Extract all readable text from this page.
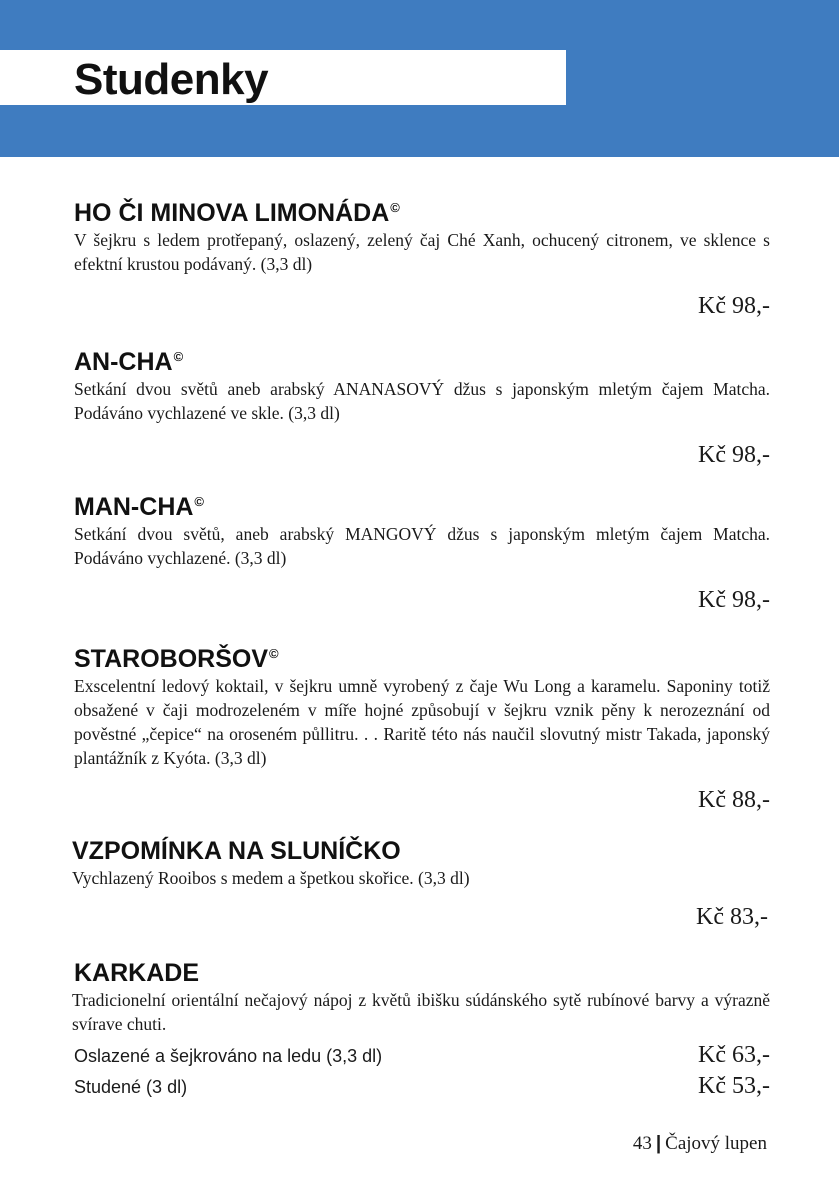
Studenky
HO ČI MINOVA LIMONÁDA©

V šejkru s ledem protřepaný, oslazený, zelený čaj Ché Xanh, ochucený citronem, ve sklence s efektní krustou podávaný. (3,3 dl)

Kč 98,-
AN-CHA©

Setkání dvou světů aneb arabský ANANASOVÝ džus s japonským mletým čajem Matcha. Podáváno vychlazené ve skle. (3,3 dl)

Kč 98,-
MAN-CHA©

Setkání dvou světů, aneb arabský MANGOVÝ džus s japonským mletým čajem Matcha. Podáváno vychlazené. (3,3 dl)

Kč 98,-
STAROBORŠOV©

Exscelentní ledový koktail, v šejkru umně vyrobený z čaje Wu Long a karamelu. Saponiny totiž obsažené v čaji modrozeleném v míře hojné způsobují v šejkru vznik pěny k nerozeznání od pověstné „čepice“ na oroseném půllitru. . . Raritě této nás naučil slovutný mistr Takada, japonský plantážník z Kyóta. (3,3 dl)

Kč 88,-
VZPOMÍNKA NA SLUNÍČKO

Vychlazený Rooibos s medem a špetkou skořice. (3,3 dl)

Kč 83,-
KARKADE

Tradicionelní orientální nečajový nápoj z květů ibišku súdánského sytě rubínové barvy a výrazně svírave chuti.

Oslazené a šejkrováno na ledu (3,3 dl)	Kč 63,-
Studené (3 dl)	Kč 53,-
43 | Čajový lupen
